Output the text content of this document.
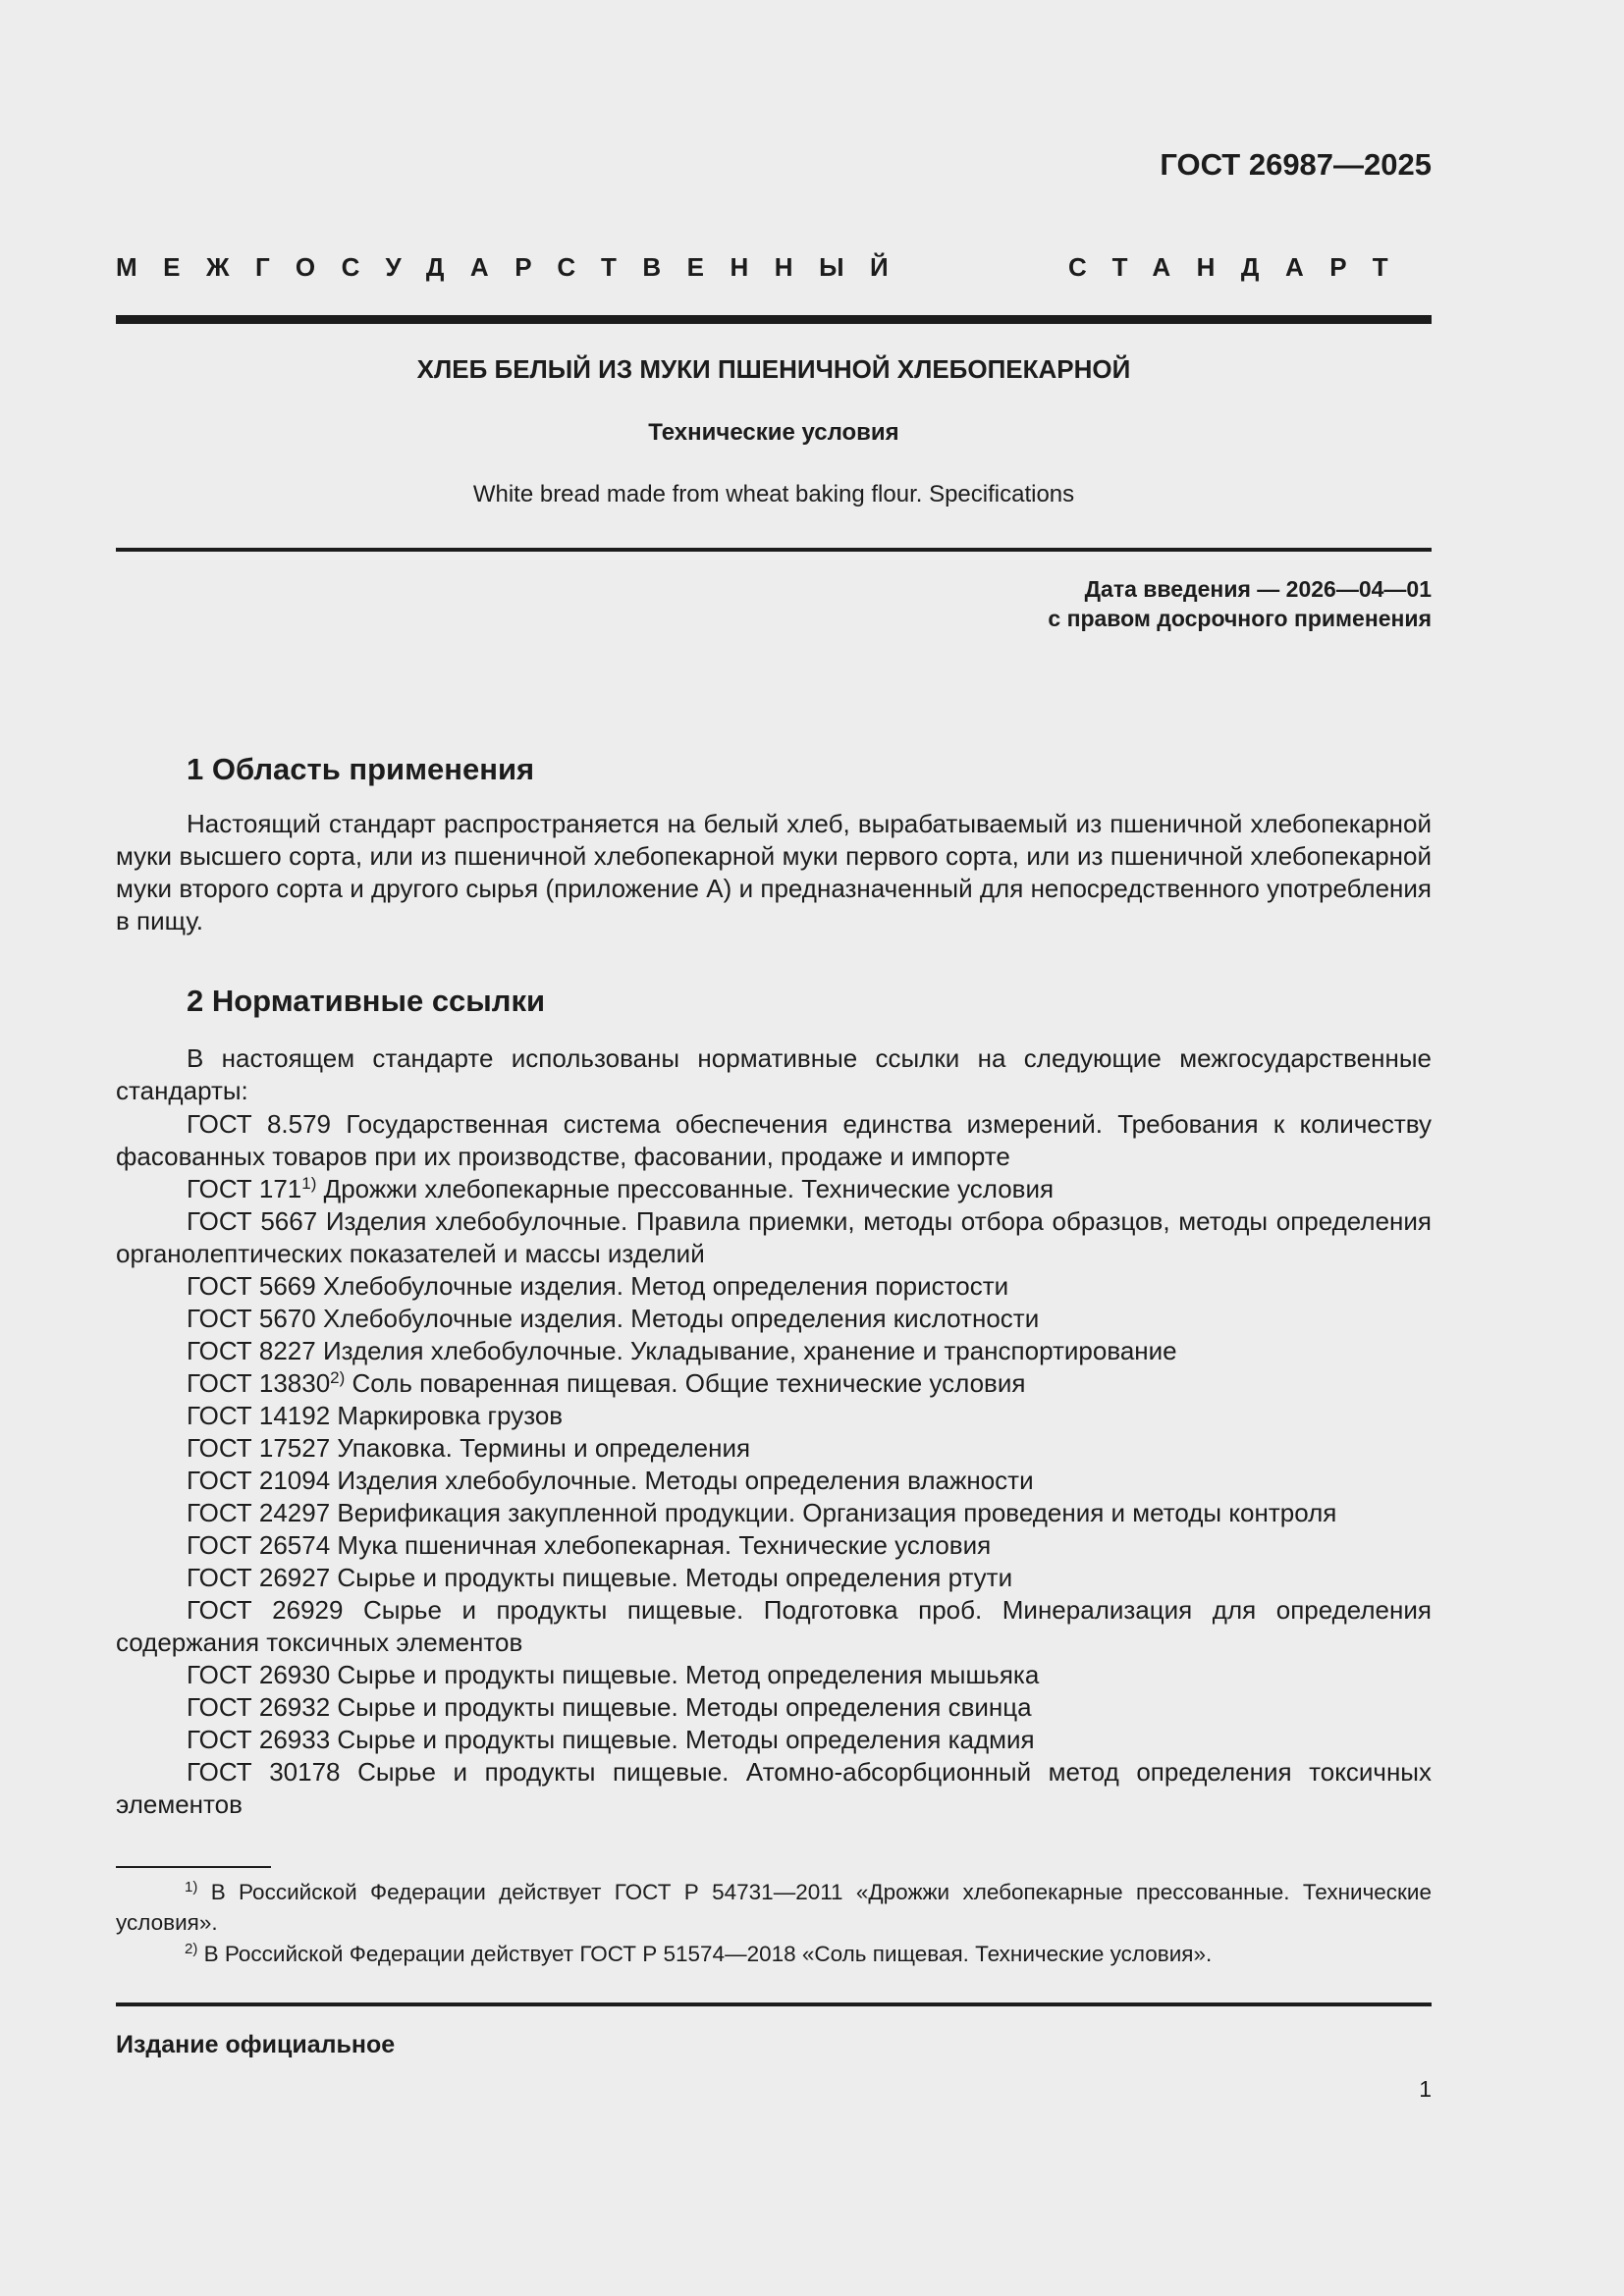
ГОСТ 26987—2025
МЕЖГОСУДАРСТВЕННЫЙ	СТАНДАРТ
ХЛЕБ БЕЛЫЙ ИЗ МУКИ ПШЕНИЧНОЙ ХЛЕБОПЕКАРНОЙ
Технические условия
White bread made from wheat baking flour. Specifications
Дата введения — 2026—04—01
с правом досрочного применения
1 Область применения
Настоящий стандарт распространяется на белый хлеб, вырабатываемый из пшеничной хлебопекарной муки высшего сорта, или из пшеничной хлебопекарной муки первого сорта, или из пшеничной хлебопекарной муки второго сорта и другого сырья (приложение А) и предназначенный для непосредственного употребления в пищу.
2 Нормативные ссылки
В настоящем стандарте использованы нормативные ссылки на следующие межгосударственные стандарты:
ГОСТ 8.579 Государственная система обеспечения единства измерений. Требования к количеству фасованных товаров при их производстве, фасовании, продаже и импорте
ГОСТ 171$^{1)}$ Дрожжи хлебопекарные прессованные. Технические условия
ГОСТ 5667 Изделия хлебобулочные. Правила приемки, методы отбора образцов, методы определения органолептических показателей и массы изделий
ГОСТ 5669 Хлебобулочные изделия. Метод определения пористости
ГОСТ 5670 Хлебобулочные изделия. Методы определения кислотности
ГОСТ 8227 Изделия хлебобулочные. Укладывание, хранение и транспортирование
ГОСТ 13830$^{2)}$ Соль поваренная пищевая. Общие технические условия
ГОСТ 14192 Маркировка грузов
ГОСТ 17527 Упаковка. Термины и определения
ГОСТ 21094 Изделия хлебобулочные. Методы определения влажности
ГОСТ 24297 Верификация закупленной продукции. Организация проведения и методы контроля
ГОСТ 26574 Мука пшеничная хлебопекарная. Технические условия
ГОСТ 26927 Сырье и продукты пищевые. Методы определения ртути
ГОСТ 26929 Сырье и продукты пищевые. Подготовка проб. Минерализация для определения содержания токсичных элементов
ГОСТ 26930 Сырье и продукты пищевые. Метод определения мышьяка
ГОСТ 26932 Сырье и продукты пищевые. Методы определения свинца
ГОСТ 26933 Сырье и продукты пищевые. Методы определения кадмия
ГОСТ 30178 Сырье и продукты пищевые. Атомно-абсорбционный метод определения токсичных элементов
$^{1)}$ В Российской Федерации действует ГОСТ Р 54731—2011 «Дрожжи хлебопекарные прессованные. Технические условия».
$^{2)}$ В Российской Федерации действует ГОСТ Р 51574—2018 «Соль пищевая. Технические условия».
Издание официальное
1
